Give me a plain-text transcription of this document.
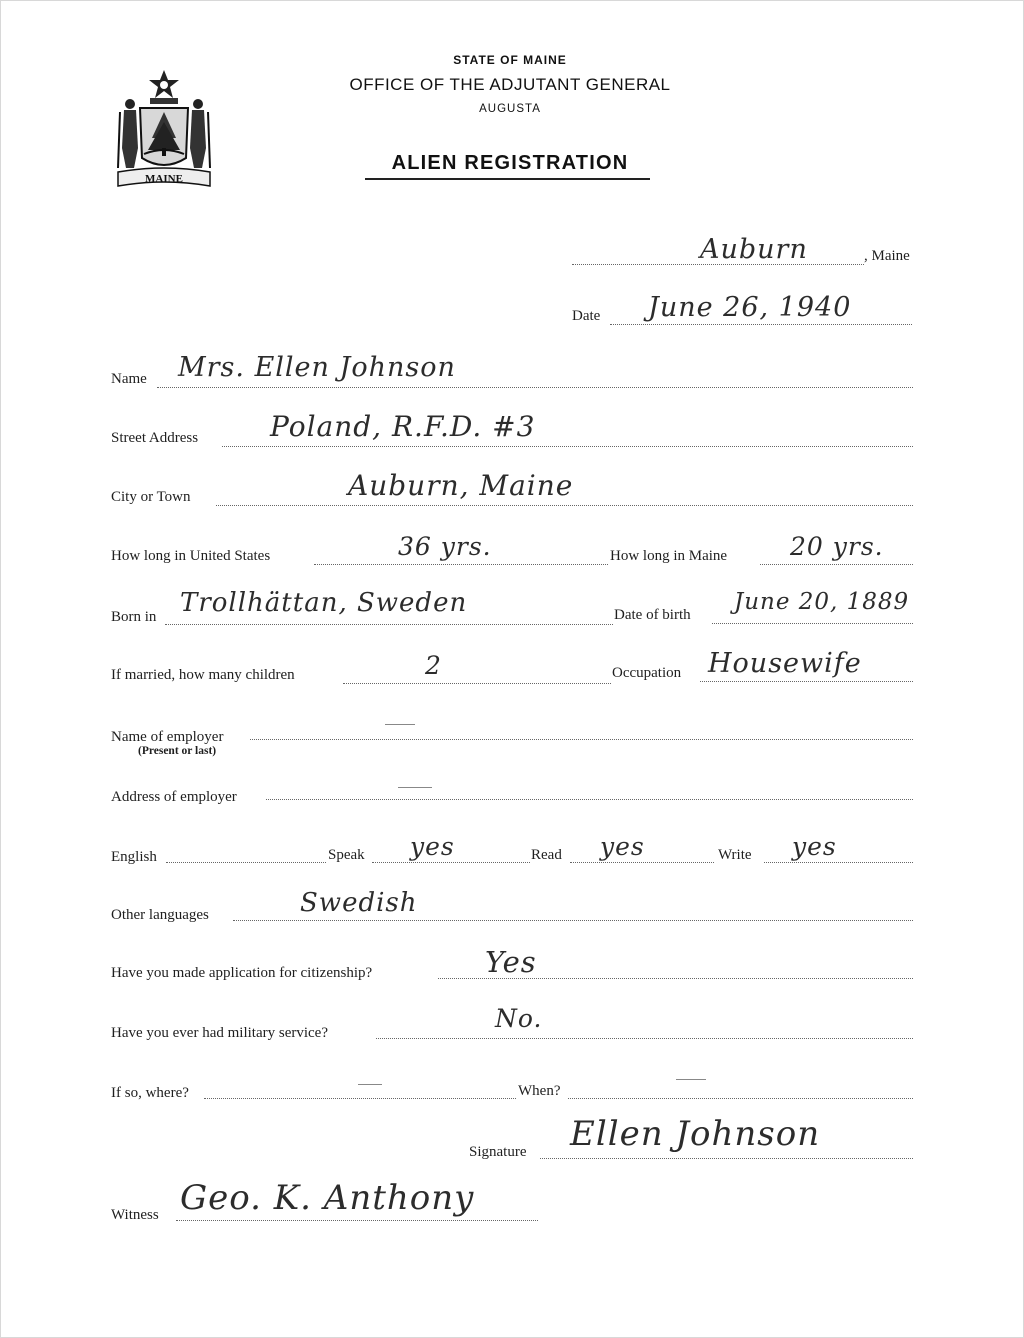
MAINE
STATE OF MAINE
OFFICE OF THE ADJUTANT GENERAL
AUGUSTA
ALIEN REGISTRATION
Auburn	, Maine
Date June 26, 1940
Name Mrs. Ellen Johnson
Street Address	Poland, R.F.D. #3
City or Town	Auburn, Maine
How long in United States	36 yrs.	How long in Maine	20 yrs.
Born in Trollhättan, Sweden	Date of birth June 20, 1889
If married, how many children	2	Occupation Housewife
Name of employer
(Present or last)
Address of employer
English	Speak yes	Read yes	Write yes
Other languages	Swedish
Have you made application for citizenship?	Yes
Have you ever had military service?	No.
If so, where?	When?
Signature Ellen Johnson
Witness Geo. K. Anthony
